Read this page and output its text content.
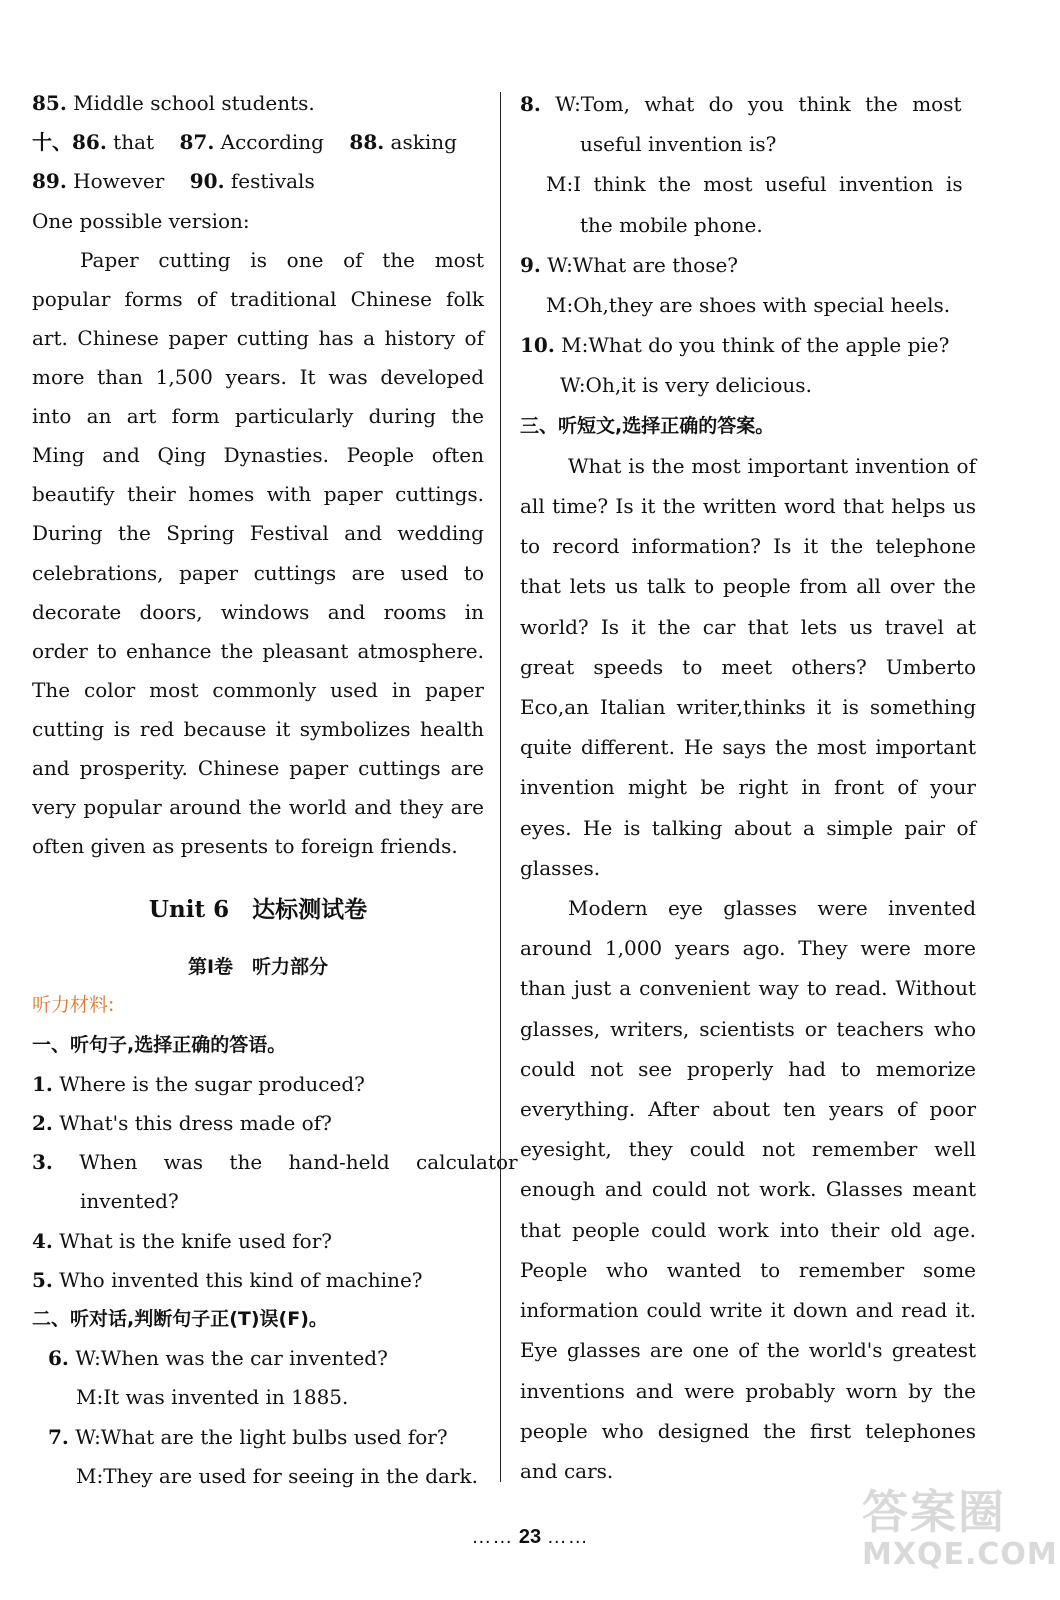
85. Middle school students.
十、86. that 87. According 88. asking
89. However 90. festivals
One possible version:

Paper cutting is one of the most popular forms of traditional Chinese folk art. Chinese paper cutting has a history of more than 1,500 years. It was developed into an art form particularly during the Ming and Qing Dynasties. People often beautify their homes with paper cuttings. During the Spring Festival and wedding celebrations, paper cuttings are used to decorate doors, windows and rooms in order to enhance the pleasant atmosphere. The color most commonly used in paper cutting is red because it symbolizes health and prosperity. Chinese paper cuttings are very popular around the world and they are often given as presents to foreign friends.

Unit 6　达标测试卷
第Ⅰ卷　听力部分
听力材料:
一、听句子,选择正确的答语。
1. Where is the sugar produced?
2. What's this dress made of?
3. When was the hand-held calculator
invented?
4. What is the knife used for?
5. Who invented this kind of machine?
二、听对话,判断句子正(T)误(F)。
6. W:When was the car invented?
M:It was invented in 1885.
7. W:What are the light bulbs used for?
M:They are used for seeing in the dark.
8. W:Tom, what do you think the most
useful invention is?
M:I think the most useful invention is
the mobile phone.
9. W:What are those?
M:Oh,they are shoes with special heels.
10. M:What do you think of the apple pie?
W:Oh,it is very delicious.
三、听短文,选择正确的答案。

What is the most important invention of all time? Is it the written word that helps us to record information? Is it the telephone that lets us talk to people from all over the world? Is it the car that lets us travel at great speeds to meet others? Umberto Eco,an Italian writer,thinks it is something quite different. He says the most important invention might be right in front of your eyes. He is talking about a simple pair of glasses.

Modern eye glasses were invented around 1,000 years ago. They were more than just a convenient way to read. Without glasses, writers, scientists or teachers who could not see properly had to memorize everything. After about ten years of poor eyesight, they could not remember well enough and could not work. Glasses meant that people could work into their old age. People who wanted to remember some information could write it down and read it. Eye glasses are one of the world's greatest inventions and were probably worn by the people who designed the first telephones and cars.

…… 23 ……	答案圈
MXQE.COM
